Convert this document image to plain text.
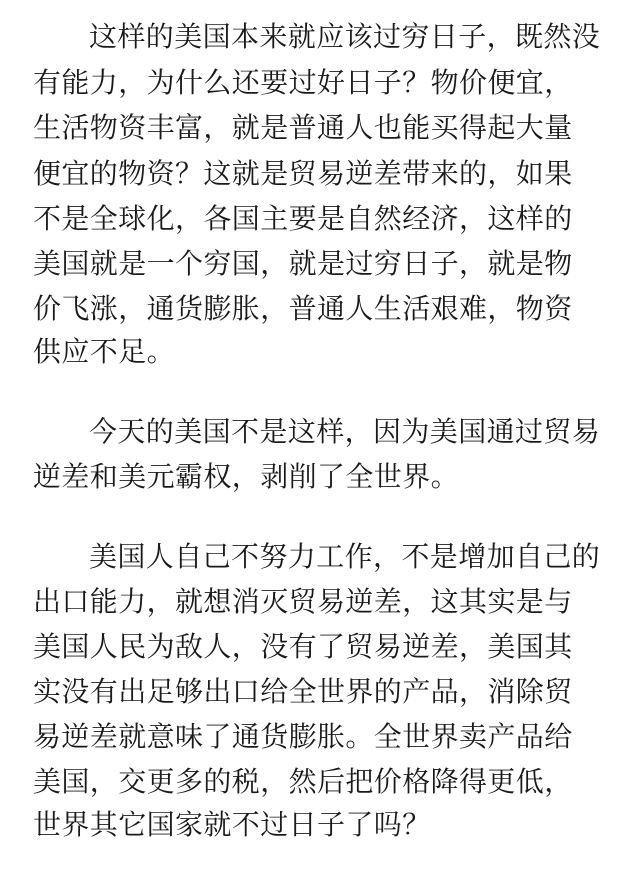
这样的美国本来就应该过穷日子，既然没

有能力，为什么还要过好日子？物价便宜，

生活物资丰富，就是普通人也能买得起大量

便宜的物资？这就是贸易逆差带来的，如果

不是全球化，各国主要是自然经济，这样的

美国就是一个穷国，就是过穷日子，就是物

价飞涨，通货膨胀，普通人生活艰难，物资

供应不足。

今天的美国不是这样，因为美国通过贸易

逆差和美元霸权，剥削了全世界。

美国人自己不努力工作，不是增加自己的

出口能力，就想消灭贸易逆差，这其实是与

美国人民为敌人，没有了贸易逆差，美国其

实没有出足够出口给全世界的产品，消除贸

易逆差就意味了通货膨胀。全世界卖产品给

美国，交更多的税，然后把价格降得更低，

世界其它国家就不过日子了吗？
